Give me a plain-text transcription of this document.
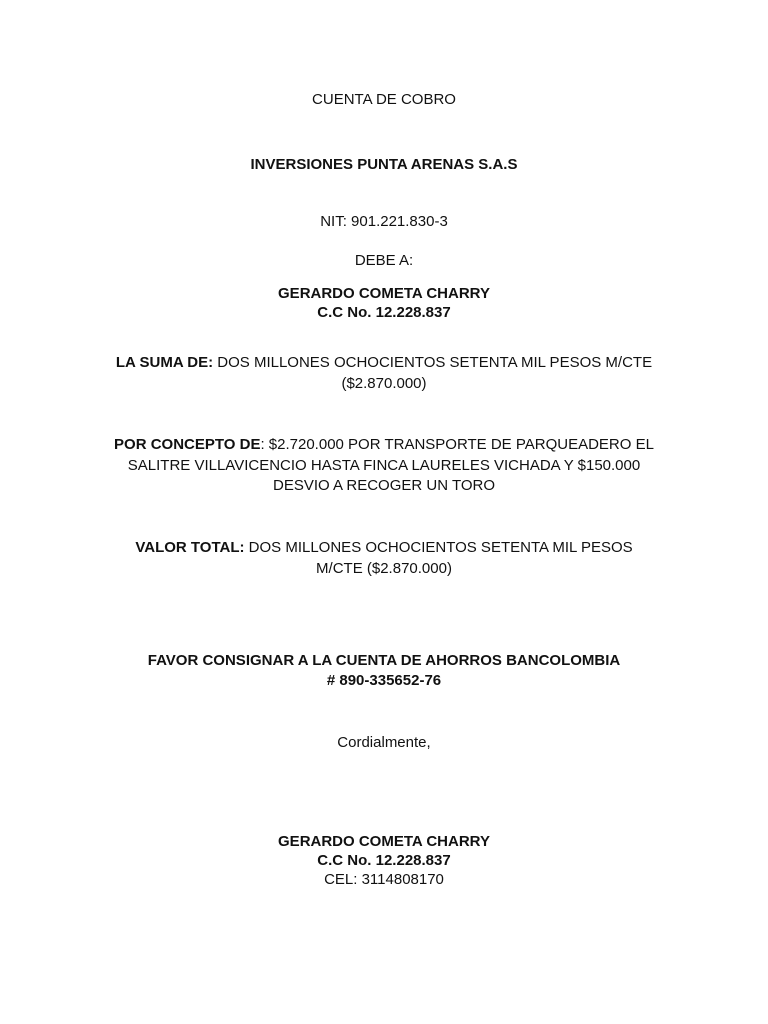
CUENTA DE COBRO
INVERSIONES PUNTA ARENAS S.A.S
NIT: 901.221.830-3
DEBE A:
GERARDO COMETA CHARRY
C.C No. 12.228.837
LA SUMA DE: DOS MILLONES OCHOCIENTOS SETENTA MIL PESOS M/CTE ($2.870.000)
POR CONCEPTO DE: $2.720.000 POR TRANSPORTE DE PARQUEADERO EL SALITRE VILLAVICENCIO HASTA FINCA LAURELES VICHADA Y $150.000 DESVIO A RECOGER UN TORO
VALOR TOTAL: DOS MILLONES OCHOCIENTOS SETENTA MIL PESOS M/CTE ($2.870.000)
FAVOR CONSIGNAR A LA CUENTA DE AHORROS BANCOLOMBIA
# 890-335652-76
Cordialmente,
GERARDO COMETA CHARRY
C.C No. 12.228.837
CEL: 3114808170
